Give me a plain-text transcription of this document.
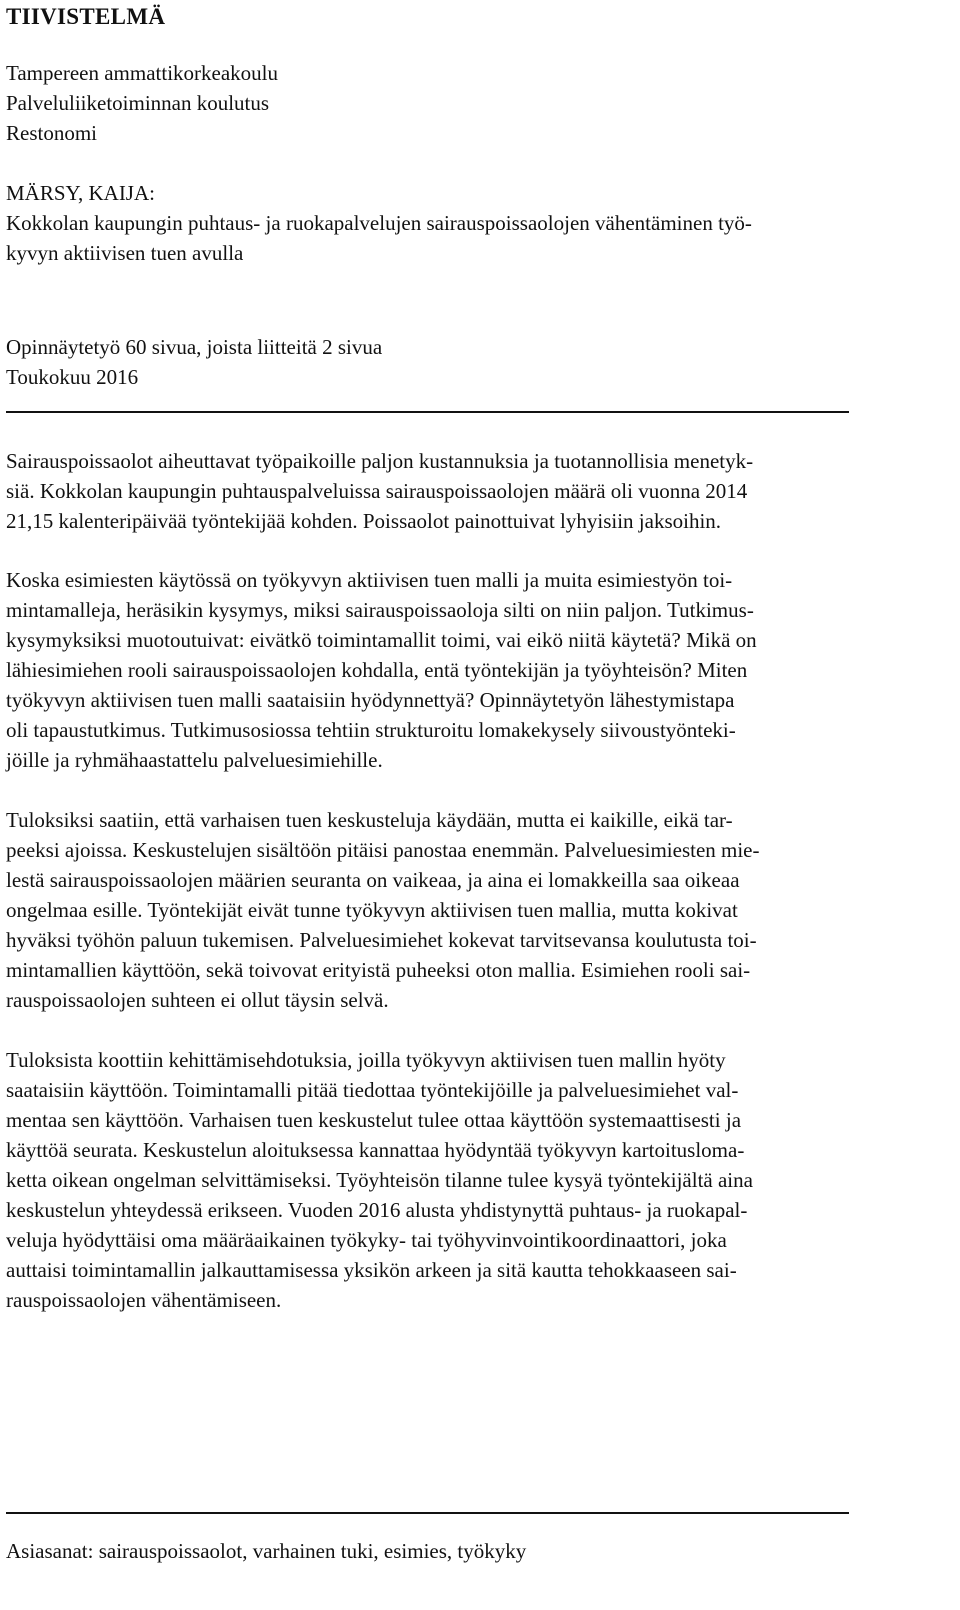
TIIVISTELMÄ
Tampereen ammattikorkeakoulu
Palveluliiketoiminnan koulutus
Restonomi
MÄRSY, KAIJA:
Kokkolan kaupungin puhtaus- ja ruokapalvelujen sairauspoissaolojen vähentäminen työ-
kyvyn aktiivisen tuen avulla
Opinnäytetyö 60 sivua, joista liitteitä 2 sivua
Toukokuu 2016
Sairauspoissaolot aiheuttavat työpaikoille paljon kustannuksia ja tuotannollisia menetyk-
siä. Kokkolan kaupungin puhtauspalveluissa sairauspoissaolojen määrä oli vuonna 2014
21,15 kalenteripäivää työntekijää kohden. Poissaolot painottuivat lyhyisiin jaksoihin.
Koska esimiesten käytössä on työkyvyn aktiivisen tuen malli ja muita esimiestyön toi-
mintamalleja, heräsikin kysymys, miksi sairauspoissaoloja silti on niin paljon. Tutkimus-
kysymyksiksi muotoutuivat: eivätkö toimintamallit toimi, vai eikö niitä käytetä? Mikä on
lähiesimiehen rooli sairauspoissaolojen kohdalla, entä työntekijän ja työyhteisön? Miten
työkyvyn aktiivisen tuen malli saataisiin hyödynnettyä? Opinnäytetyön lähestymistapa
oli tapaustutkimus. Tutkimusosiossa tehtiin strukturoitu lomakekysely siivoustyönteki-
jöille ja ryhmähaastattelu palveluesimiehille.
Tuloksiksi saatiin, että varhaisen tuen keskusteluja käydään, mutta ei kaikille, eikä tar-
peeksi ajoissa. Keskustelujen sisältöön pitäisi panostaa enemmän. Palveluesimiesten mie-
lestä sairauspoissaolojen määrien seuranta on vaikeaa, ja aina ei lomakkeilla saa oikeaa
ongelmaa esille. Työntekijät eivät tunne työkyvyn aktiivisen tuen mallia, mutta kokivat
hyväksi työhön paluun tukemisen. Palveluesimiehet kokevat tarvitsevansa koulutusta toi-
mintamallien käyttöön, sekä toivovat erityistä puheeksi oton mallia. Esimiehen rooli sai-
rauspoissaolojen suhteen ei ollut täysin selvä.
Tuloksista koottiin kehittämisehdotuksia, joilla työkyvyn aktiivisen tuen mallin hyöty
saataisiin käyttöön. Toimintamalli pitää tiedottaa työntekijöille ja palveluesimiehet val-
mentaa sen käyttöön. Varhaisen tuen keskustelut tulee ottaa käyttöön systemaattisesti ja
käyttöä seurata. Keskustelun aloituksessa kannattaa hyödyntää työkyvyn kartoitusloma-
ketta oikean ongelman selvittämiseksi. Työyhteisön tilanne tulee kysyä työntekijältä aina
keskustelun yhteydessä erikseen. Vuoden 2016 alusta yhdistynyttä puhtaus- ja ruokapal-
veluja hyödyttäisi oma määräaikainen työkyky- tai työhyvinvointikoordinaattori, joka
auttaisi toimintamallin jalkauttamisessa yksikön arkeen ja sitä kautta tehokkaaseen sai-
rauspoissaolojen vähentämiseen.
Asiasanat: sairauspoissaolot, varhainen tuki, esimies, työkyky
